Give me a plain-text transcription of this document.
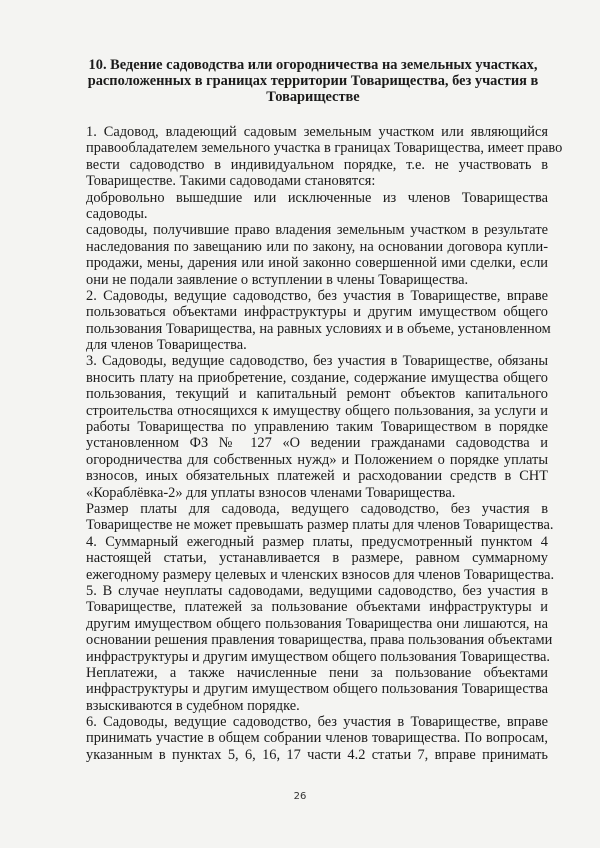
10. Ведение садоводства или огородничества на земельных участках, расположенных в границах территории Товарищества, без участия в Товариществе
1. Садовод, владеющий садовым земельным участком или являющийся
правообладателем земельного участка в границах Товарищества, имеет право
вести садоводство в индивидуальном порядке, т.е. не участвовать в
Товариществе. Такими садоводами становятся:
добровольно вышедшие или исключенные из членов Товарищества
садоводы.
садоводы, получившие право владения земельным участком в результате
наследования по завещанию или по закону, на основании договора купли-
продажи, мены, дарения или иной законно совершенной ими сделки, если
они не подали заявление о вступлении в члены Товарищества.
2. Садоводы, ведущие садоводство, без участия в Товариществе, вправе
пользоваться объектами инфраструктуры и другим имуществом общего
пользования Товарищества, на равных условиях и в объеме, установленном
для членов Товарищества.
3. Садоводы, ведущие садоводство, без участия в Товариществе, обязаны
вносить плату на приобретение, создание, содержание имущества общего
пользования, текущий и капитальный ремонт объектов капитального
строительства относящихся к имуществу общего пользования, за услуги и
работы Товарищества по управлению таким Товариществом в порядке
установленном ФЗ № 127 «О ведении гражданами садоводства и
огородничества для собственных нужд» и Положением о порядке уплаты
взносов, иных обязательных платежей и расходовании средств в СНТ
«Кораблёвка-2» для уплаты взносов членами Товарищества.
Размер платы для садовода, ведущего садоводство, без участия в
Товариществе не может превышать размер платы для членов Товарищества.
4. Суммарный ежегодный размер платы, предусмотренный пунктом 4
настоящей статьи, устанавливается в размере, равном суммарному
ежегодному размеру целевых и членских взносов для членов Товарищества.
5. В случае неуплаты садоводами, ведущими садоводство, без участия в
Товариществе, платежей за пользование объектами инфраструктуры и
другим имуществом общего пользования Товарищества они лишаются, на
основании решения правления товарищества, права пользования объектами
инфраструктуры и другим имуществом общего пользования Товарищества.
Неплатежи, а также начисленные пени за пользование объектами
инфраструктуры и другим имуществом общего пользования Товарищества
взыскиваются в судебном порядке.
6. Садоводы, ведущие садоводство, без участия в Товариществе, вправе
принимать участие в общем собрании членов товарищества. По вопросам,
указанным в пунктах 5, 6, 16, 17 части 4.2 статьи 7, вправе принимать
26
